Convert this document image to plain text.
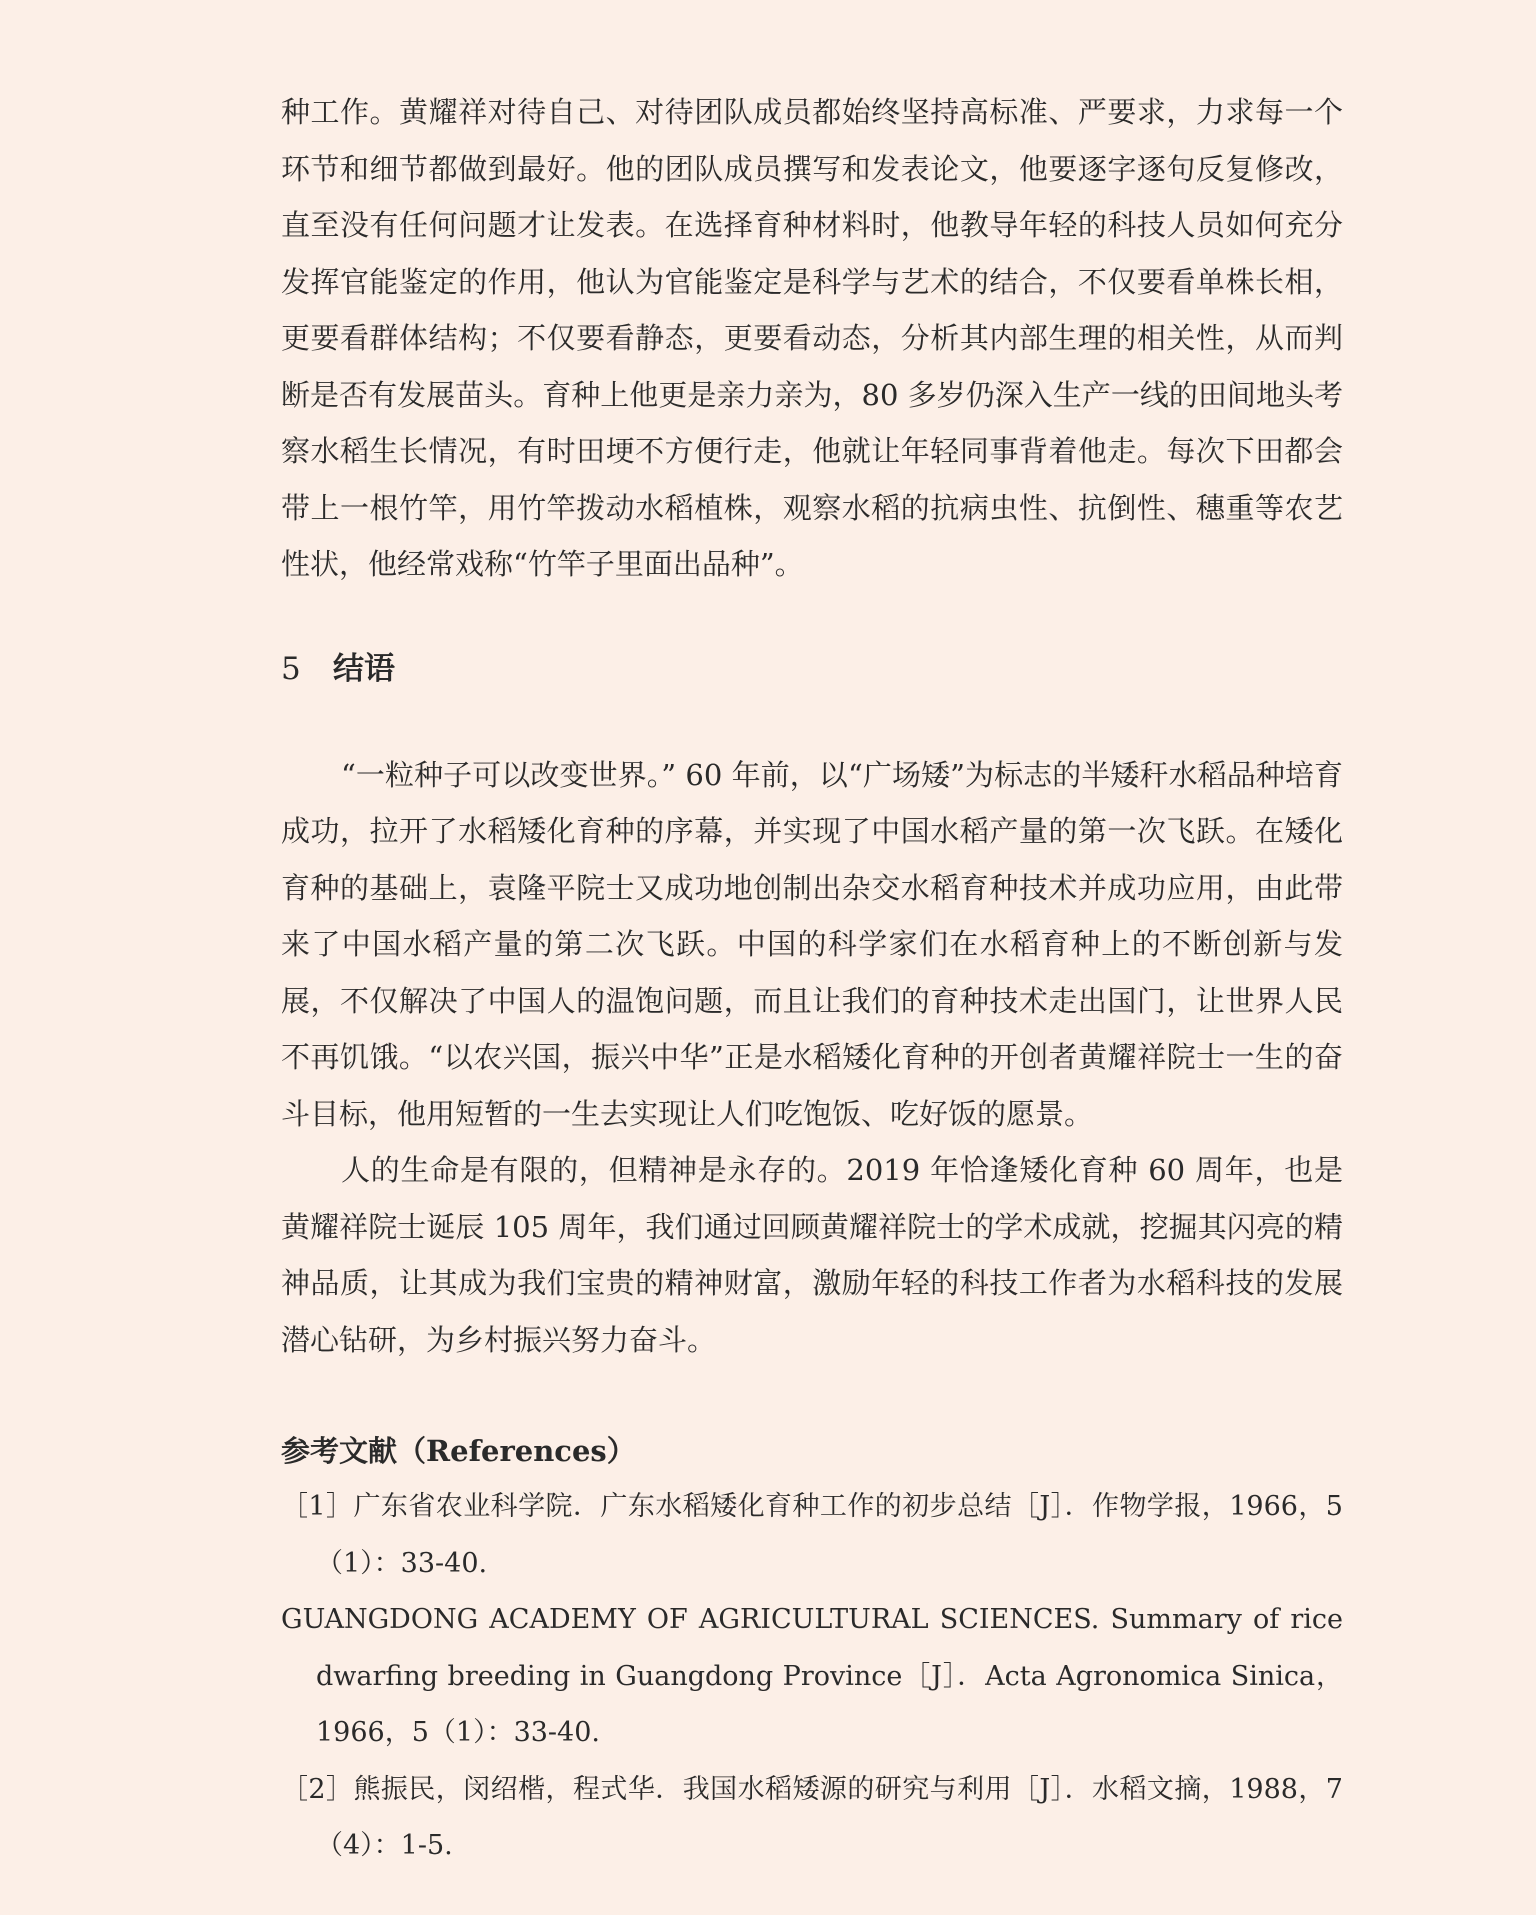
种工作。黄耀祥对待自己、对待团队成员都始终坚持高标准、严要求，力求每一个环节和细节都做到最好。他的团队成员撰写和发表论文，他要逐字逐句反复修改，直至没有任何问题才让发表。在选择育种材料时，他教导年轻的科技人员如何充分发挥官能鉴定的作用，他认为官能鉴定是科学与艺术的结合，不仅要看单株长相，更要看群体结构；不仅要看静态，更要看动态，分析其内部生理的相关性，从而判断是否有发展苗头。育种上他更是亲力亲为，80 多岁仍深入生产一线的田间地头考察水稻生长情况，有时田埂不方便行走，他就让年轻同事背着他走。每次下田都会带上一根竹竿，用竹竿拨动水稻植株，观察水稻的抗病虫性、抗倒性、穗重等农艺性状，他经常戏称“竹竿子里面出品种”。

5 结语

“一粒种子可以改变世界。” 60 年前，以“广场矮”为标志的半矮秆水稻品种培育成功，拉开了水稻矮化育种的序幕，并实现了中国水稻产量的第一次飞跃。在矮化育种的基础上，袁隆平院士又成功地创制出杂交水稻育种技术并成功应用，由此带来了中国水稻产量的第二次飞跃。中国的科学家们在水稻育种上的不断创新与发展，不仅解决了中国人的温饱问题，而且让我们的育种技术走出国门，让世界人民不再饥饿。“以农兴国，振兴中华”正是水稻矮化育种的开创者黄耀祥院士一生的奋斗目标，他用短暂的一生去实现让人们吃饱饭、吃好饭的愿景。

人的生命是有限的，但精神是永存的。2019 年恰逢矮化育种 60 周年，也是黄耀祥院士诞辰 105 周年，我们通过回顾黄耀祥院士的学术成就，挖掘其闪亮的精神品质，让其成为我们宝贵的精神财富，激励年轻的科技工作者为水稻科技的发展潜心钻研，为乡村振兴努力奋斗。

参考文献（References）

［1］广东省农业科学院．广东水稻矮化育种工作的初步总结［J］．作物学报，1966，5（1）：33-40.

GUANGDONG ACADEMY OF AGRICULTURAL SCIENCES. Summary of rice dwarfing breeding in Guangdong Province［J］．Acta Agronomica Sinica，1966，5（1）：33-40.

［2］熊振民，闵绍楷，程式华．我国水稻矮源的研究与利用［J］．水稻文摘，1988，7（4）：1-5.
